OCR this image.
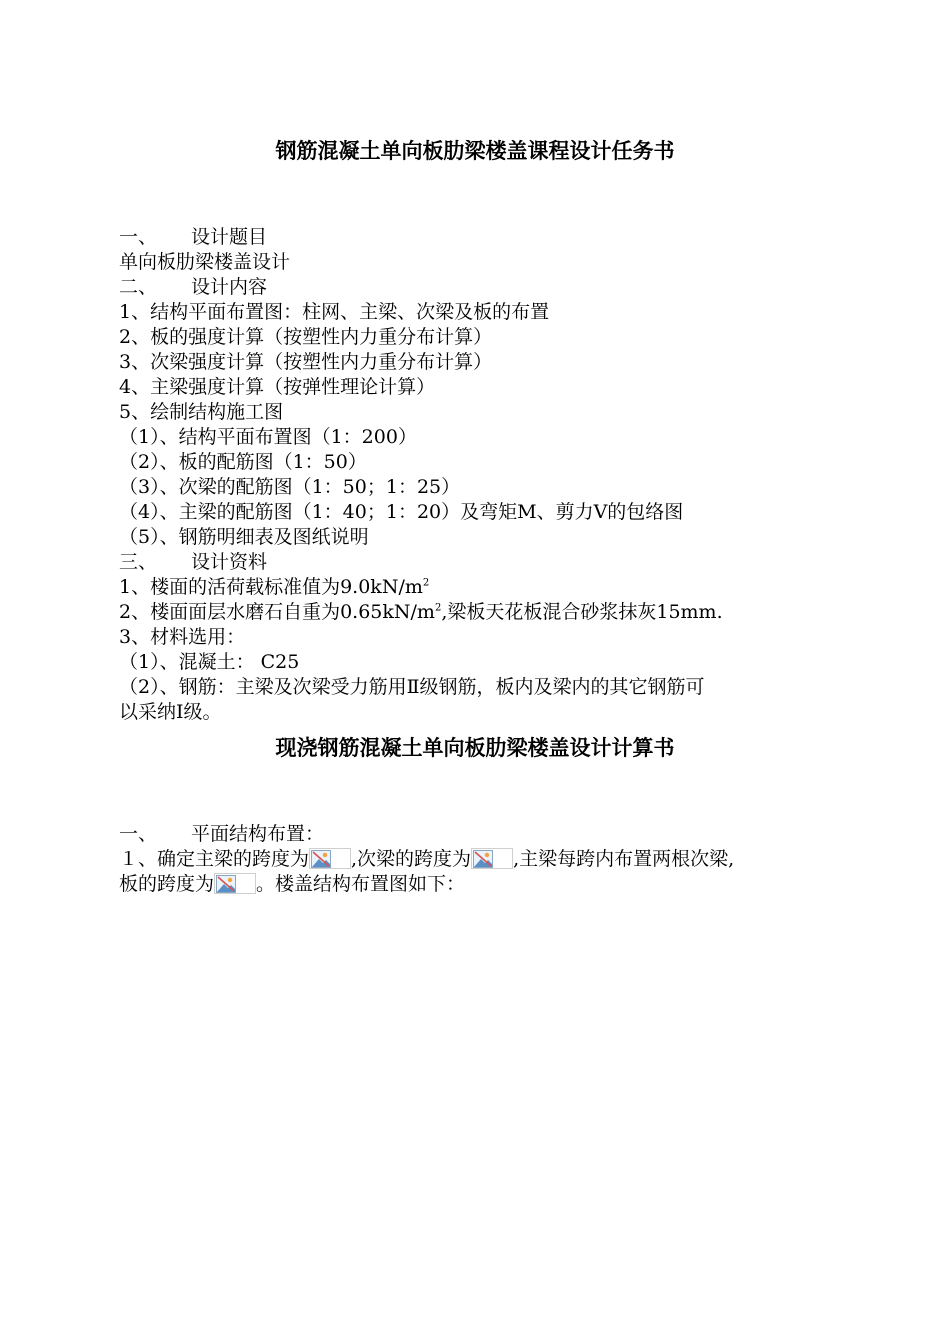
钢筋混凝土单向板肋梁楼盖课程设计任务书
一、 设计题目
单向板肋梁楼盖设计
二、 设计内容
1、结构平面布置图：柱网、主梁、次梁及板的布置
2、板的强度计算（按塑性内力重分布计算）
3、次梁强度计算（按塑性内力重分布计算）
4、主梁强度计算（按弹性理论计算）
5、绘制结构施工图
（1）、结构平面布置图（1：200）
（2）、板的配筋图（1：50）
（3）、次梁的配筋图（1：50；1：25）
（4）、主梁的配筋图（1：40；1：20）及弯矩M、剪力V的包络图
（5）、钢筋明细表及图纸说明
三、 设计资料
1、楼面的活荷载标准值为$9.0kN/m^2$
2、楼面面层水磨石自重为$0.65kN/m^2$,梁板天花板混合砂浆抹灰15mm.
3、材料选用：
（1）、混凝土： C25
（2）、钢筋：主梁及次梁受力筋用Ⅱ级钢筋，板内及梁内的其它钢筋可
以采纳Ⅰ级。
现浇钢筋混凝土单向板肋梁楼盖设计计算书
一、 平面结构布置：
１、确定主梁的跨度为 ,次梁的跨度为 ,主梁每跨内布置两根次梁,
板的跨度为 。楼盖结构布置图如下：
